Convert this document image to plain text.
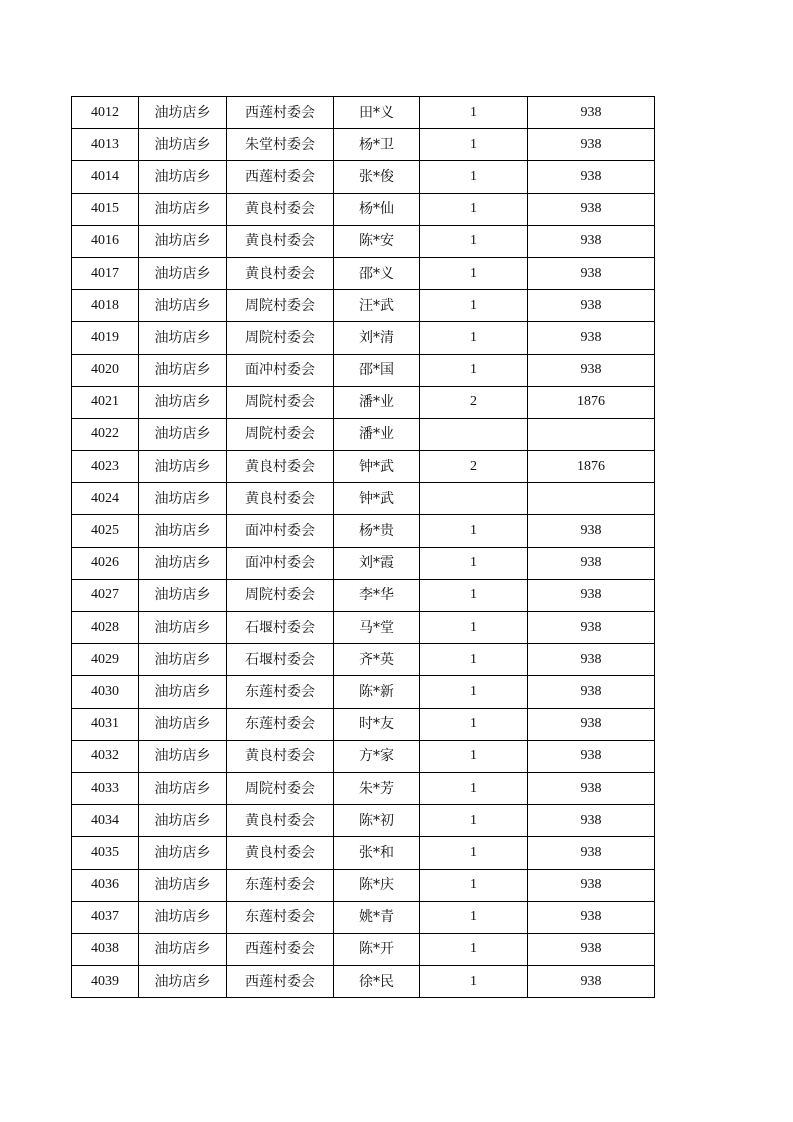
4012	油坊店乡	西莲村委会	田*义	1	938
4013	油坊店乡	朱堂村委会	杨*卫	1	938
4014	油坊店乡	西莲村委会	张*俊	1	938
4015	油坊店乡	黄良村委会	杨*仙	1	938
4016	油坊店乡	黄良村委会	陈*安	1	938
4017	油坊店乡	黄良村委会	邵*义	1	938
4018	油坊店乡	周院村委会	汪*武	1	938
4019	油坊店乡	周院村委会	刘*清	1	938
4020	油坊店乡	面冲村委会	邵*国	1	938
4021	油坊店乡	周院村委会	潘*业	2	1876
4022	油坊店乡	周院村委会	潘*业		
4023	油坊店乡	黄良村委会	钟*武	2	1876
4024	油坊店乡	黄良村委会	钟*武		
4025	油坊店乡	面冲村委会	杨*贵	1	938
4026	油坊店乡	面冲村委会	刘*霞	1	938
4027	油坊店乡	周院村委会	李*华	1	938
4028	油坊店乡	石堰村委会	马*堂	1	938
4029	油坊店乡	石堰村委会	齐*英	1	938
4030	油坊店乡	东莲村委会	陈*新	1	938
4031	油坊店乡	东莲村委会	时*友	1	938
4032	油坊店乡	黄良村委会	方*家	1	938
4033	油坊店乡	周院村委会	朱*芳	1	938
4034	油坊店乡	黄良村委会	陈*初	1	938
4035	油坊店乡	黄良村委会	张*和	1	938
4036	油坊店乡	东莲村委会	陈*庆	1	938
4037	油坊店乡	东莲村委会	姚*青	1	938
4038	油坊店乡	西莲村委会	陈*开	1	938
4039	油坊店乡	西莲村委会	徐*民	1	938
